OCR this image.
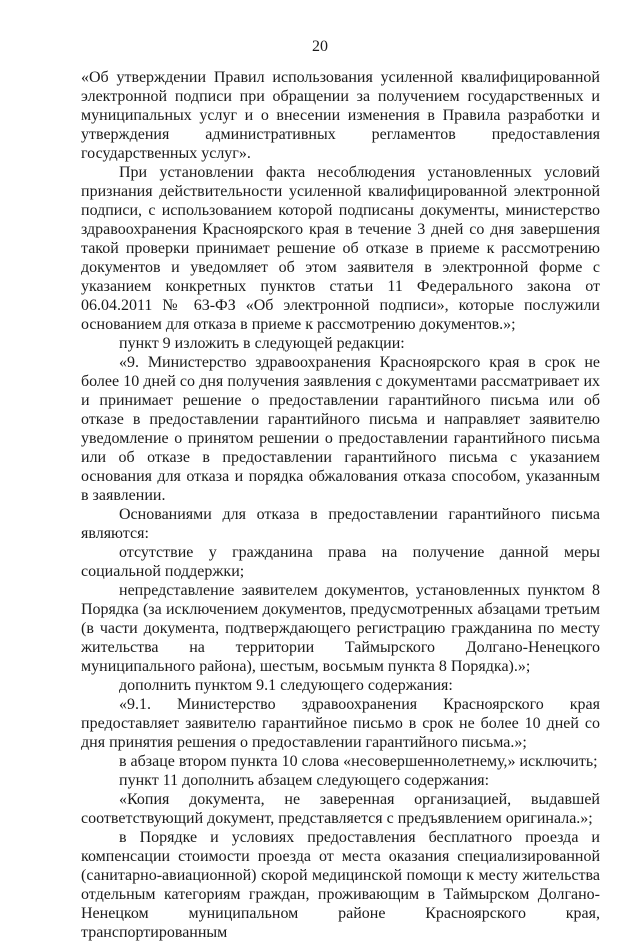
20

«Об утверждении Правил использования усиленной квалифицированной электронной подписи при обращении за получением государственных и муниципальных услуг и о внесении изменения в Правила разработки и утверждения административных регламентов предоставления государственных услуг».

При установлении факта несоблюдения установленных условий признания действительности усиленной квалифицированной электронной подписи, с использованием которой подписаны документы, министерство здравоохранения Красноярского края в течение 3 дней со дня завершения такой проверки принимает решение об отказе в приеме к рассмотрению документов и уведомляет об этом заявителя в электронной форме с указанием конкретных пунктов статьи 11 Федерального закона от 06.04.2011 № 63-ФЗ «Об электронной подписи», которые послужили основанием для отказа в приеме к рассмотрению документов.»;

пункт 9 изложить в следующей редакции:

«9. Министерство здравоохранения Красноярского края в срок не более 10 дней со дня получения заявления с документами рассматривает их и принимает решение о предоставлении гарантийного письма или об отказе в предоставлении гарантийного письма и направляет заявителю уведомление о принятом решении о предоставлении гарантийного письма или об отказе в предоставлении гарантийного письма с указанием основания для отказа и порядка обжалования отказа способом, указанным в заявлении.

Основаниями для отказа в предоставлении гарантийного письма являются:

отсутствие у гражданина права на получение данной меры социальной поддержки;

непредставление заявителем документов, установленных пунктом 8 Порядка (за исключением документов, предусмотренных абзацами третьим (в части документа, подтверждающего регистрацию гражданина по месту жительства на территории Таймырского Долгано-Ненецкого муниципального района), шестым, восьмым пункта 8 Порядка).»;

дополнить пунктом 9.1 следующего содержания:

«9.1. Министерство здравоохранения Красноярского края предоставляет заявителю гарантийное письмо в срок не более 10 дней со дня принятия решения о предоставлении гарантийного письма.»;

в абзаце втором пункта 10 слова «несовершеннолетнему,» исключить;

пункт 11 дополнить абзацем следующего содержания:

«Копия документа, не заверенная организацией, выдавшей соответствующий документ, представляется с предъявлением оригинала.»;

в Порядке и условиях предоставления бесплатного проезда и компенсации стоимости проезда от места оказания специализированной (санитарно-авиационной) скорой медицинской помощи к месту жительства отдельным категориям граждан, проживающим в Таймырском Долгано-Ненецком муниципальном районе Красноярского края, транспортированным
